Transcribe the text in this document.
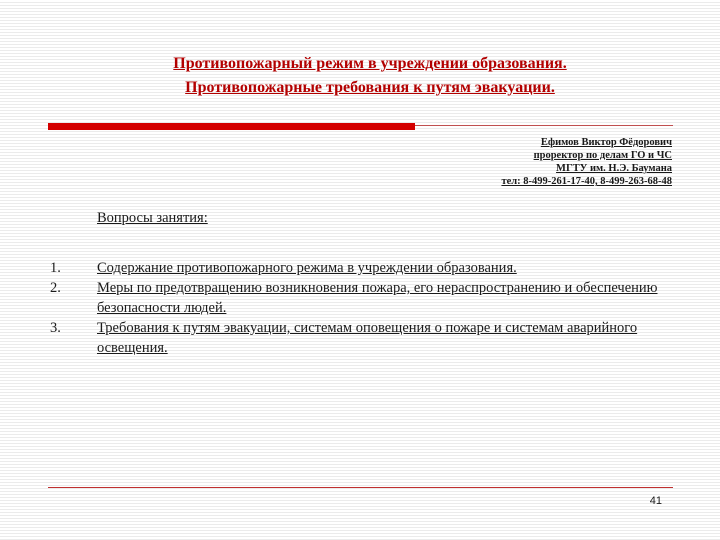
Противопожарный режим в учреждении образования.
Противопожарные требования к путям эвакуации.
Ефимов Виктор Фёдорович
проректор по делам ГО и ЧС
МГТУ им. Н.Э. Баумана
тел: 8-499-261-17-40, 8-499-263-68-48
Вопросы занятия:
1.	Содержание противопожарного режима в учреждении образования.
2.	Меры по предотвращению возникновения пожара, его нераспространению и обеспечению безопасности людей.
3.	Требования к путям эвакуации, системам оповещения о пожаре и системам аварийного освещения.
41
